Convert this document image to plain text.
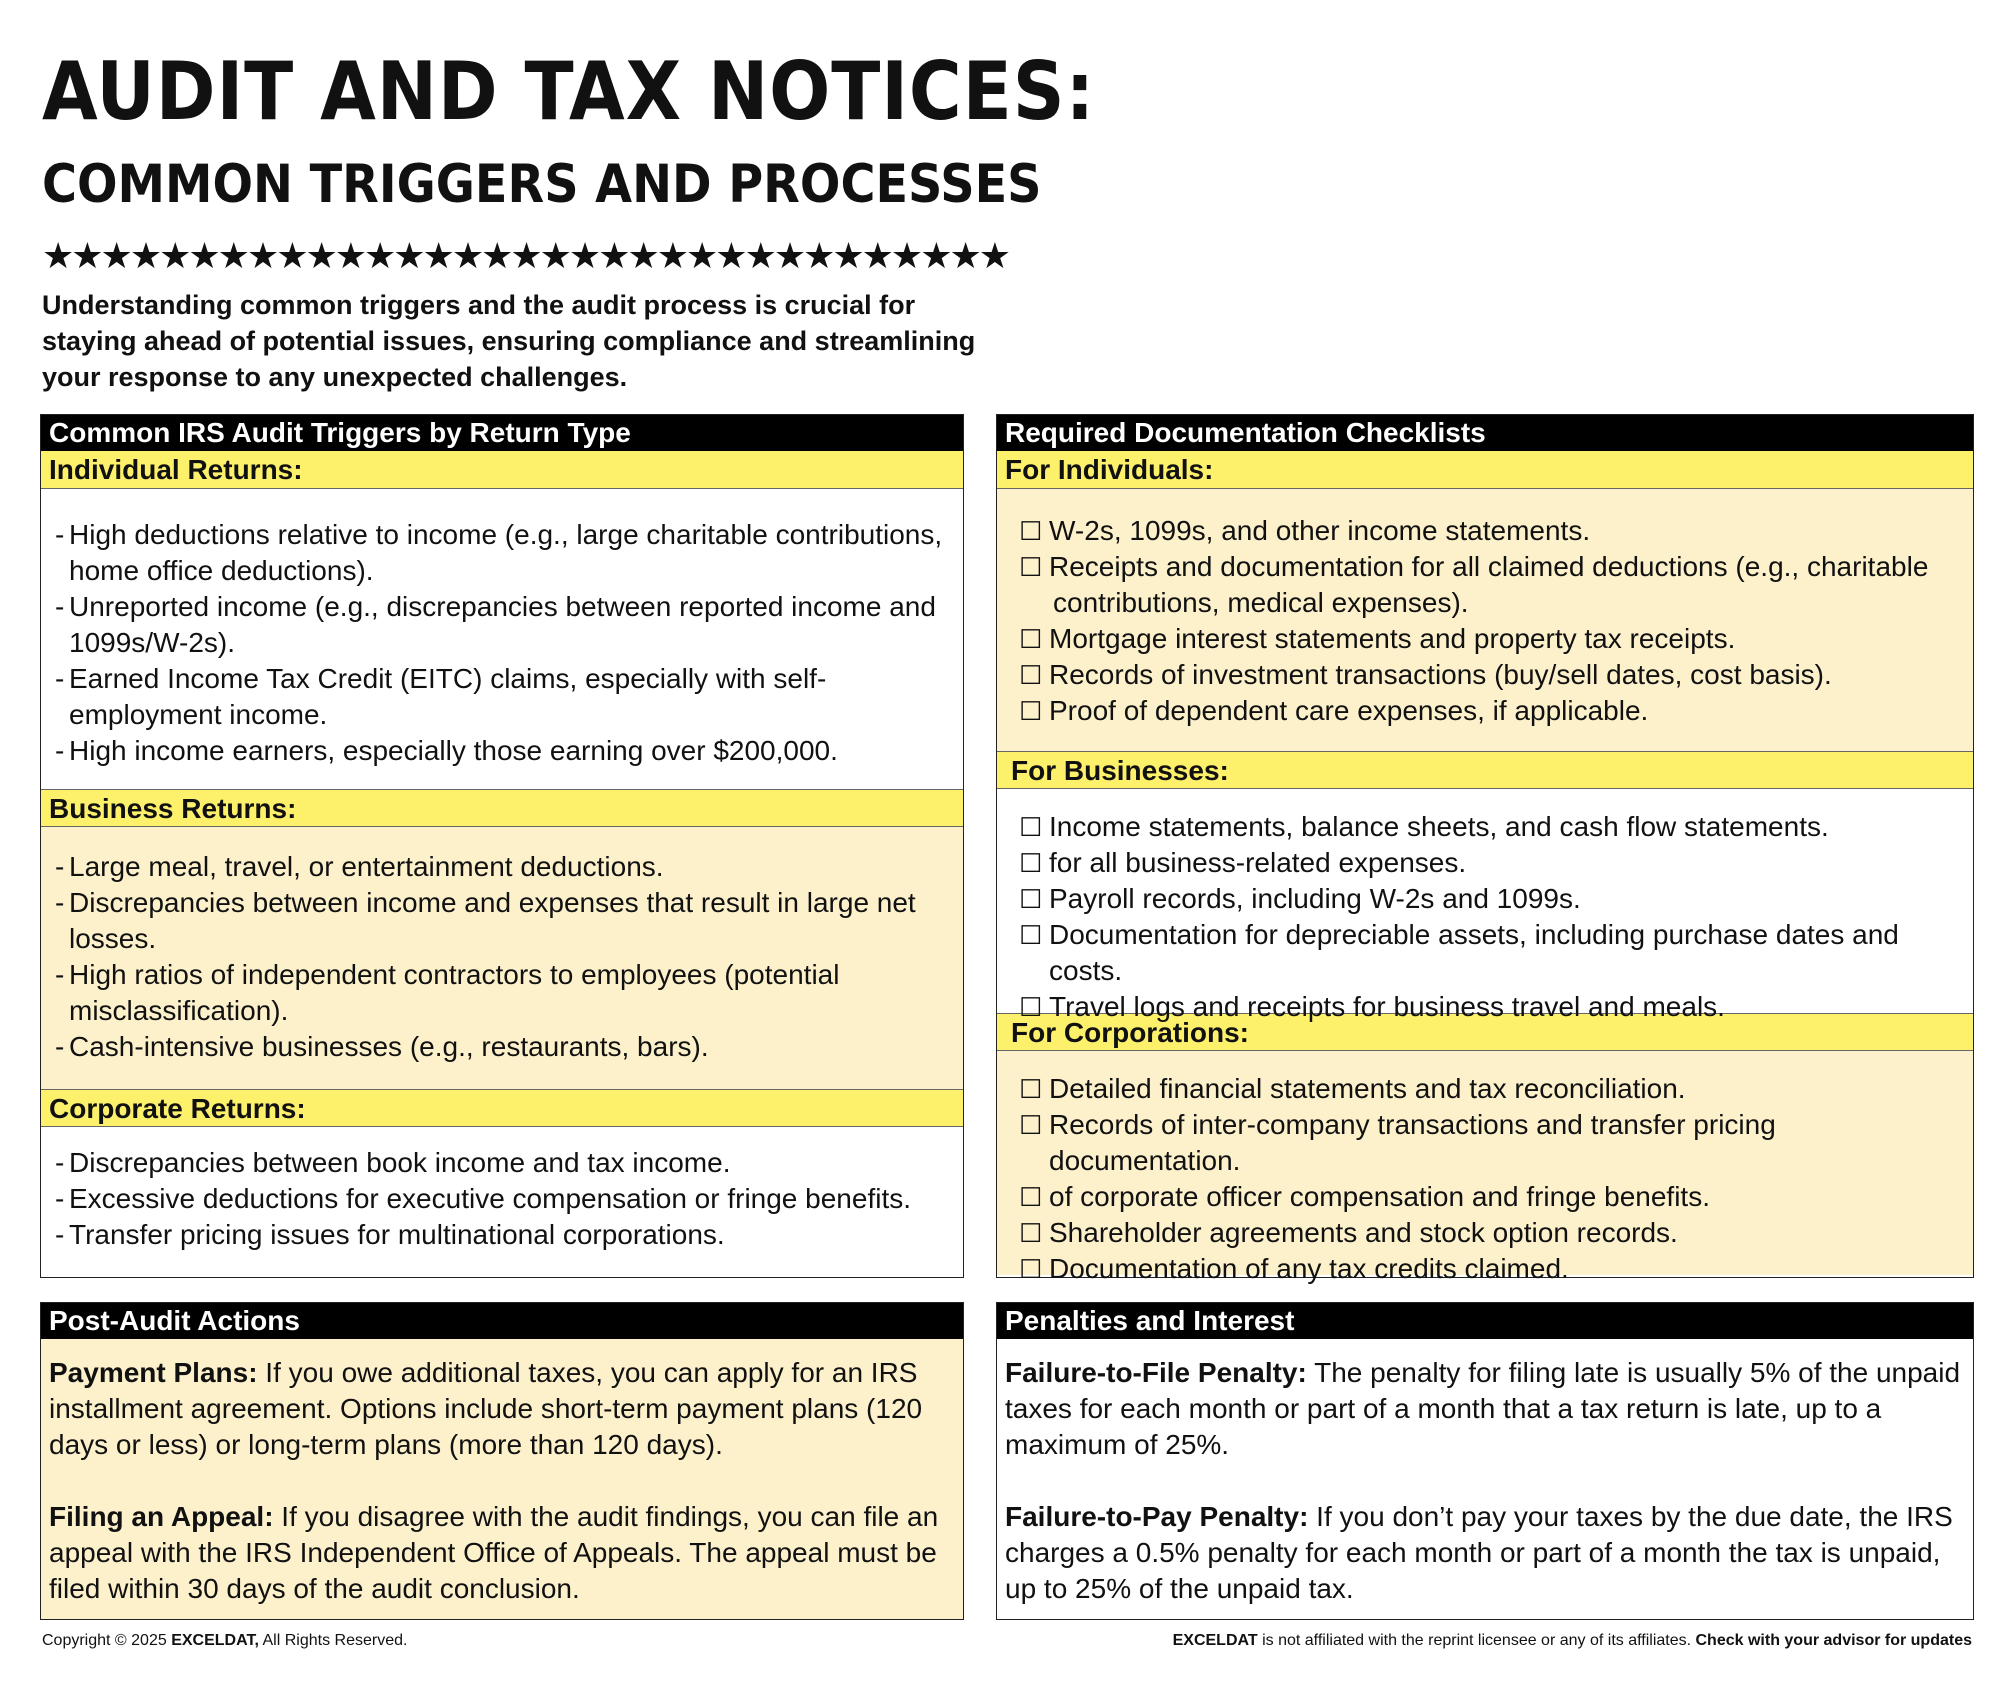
AUDIT AND TAX NOTICES:
COMMON TRIGGERS AND PROCESSES
★★★★★★★★★★★★★★★★★★★★★★★★★★★★★★★★★
Understanding common triggers and the audit process is crucial for staying ahead of potential issues, ensuring compliance and streamlining your response to any unexpected challenges.
Common IRS Audit Triggers by Return Type
Individual Returns:
- High deductions relative to income (e.g., large charitable contributions, home office deductions).
- Unreported income (e.g., discrepancies between reported income and 1099s/W-2s).
- Earned Income Tax Credit (EITC) claims, especially with self-employment income.
- High income earners, especially those earning over $200,000.
Business Returns:
- Large meal, travel, or entertainment deductions.
- Discrepancies between income and expenses that result in large net losses.
- High ratios of independent contractors to employees (potential misclassification).
- Cash-intensive businesses (e.g., restaurants, bars).
Corporate Returns:
- Discrepancies between book income and tax income.
- Excessive deductions for executive compensation or fringe benefits.
- Transfer pricing issues for multinational corporations.
Required Documentation Checklists
For Individuals:
☐ W-2s, 1099s, and other income statements.
☐ Receipts and documentation for all claimed deductions (e.g., charitable
contributions, medical expenses).
☐ Mortgage interest statements and property tax receipts.
☐ Records of investment transactions (buy/sell dates, cost basis).
☐ Proof of dependent care expenses, if applicable.
For Businesses:
☐ Income statements, balance sheets, and cash flow statements.
☐ for all business-related expenses.
☐ Payroll records, including W-2s and 1099s.
☐ Documentation for depreciable assets, including purchase dates and costs.
☐ Travel logs and receipts for business travel and meals.
For Corporations:
☐ Detailed financial statements and tax reconciliation.
☐ Records of inter-company transactions and transfer pricing documentation.
☐ of corporate officer compensation and fringe benefits.
☐ Shareholder agreements and stock option records.
☐ Documentation of any tax credits claimed.
Post-Audit Actions
Payment Plans: If you owe additional taxes, you can apply for an IRS installment agreement. Options include short-term payment plans (120 days or less) or long-term plans (more than 120 days).
Filing an Appeal: If you disagree with the audit findings, you can file an appeal with the IRS Independent Office of Appeals. The appeal must be filed within 30 days of the audit conclusion.
Penalties and Interest
Failure-to-File Penalty: The penalty for filing late is usually 5% of the unpaid taxes for each month or part of a month that a tax return is late, up to a maximum of 25%.
Failure-to-Pay Penalty: If you don’t pay your taxes by the due date, the IRS charges a 0.5% penalty for each month or part of a month the tax is unpaid, up to 25% of the unpaid tax.
Copyright © 2025 EXCELDAT, All Rights Reserved.	EXCELDAT is not affiliated with the reprint licensee or any of its affiliates. Check with your advisor for updates
